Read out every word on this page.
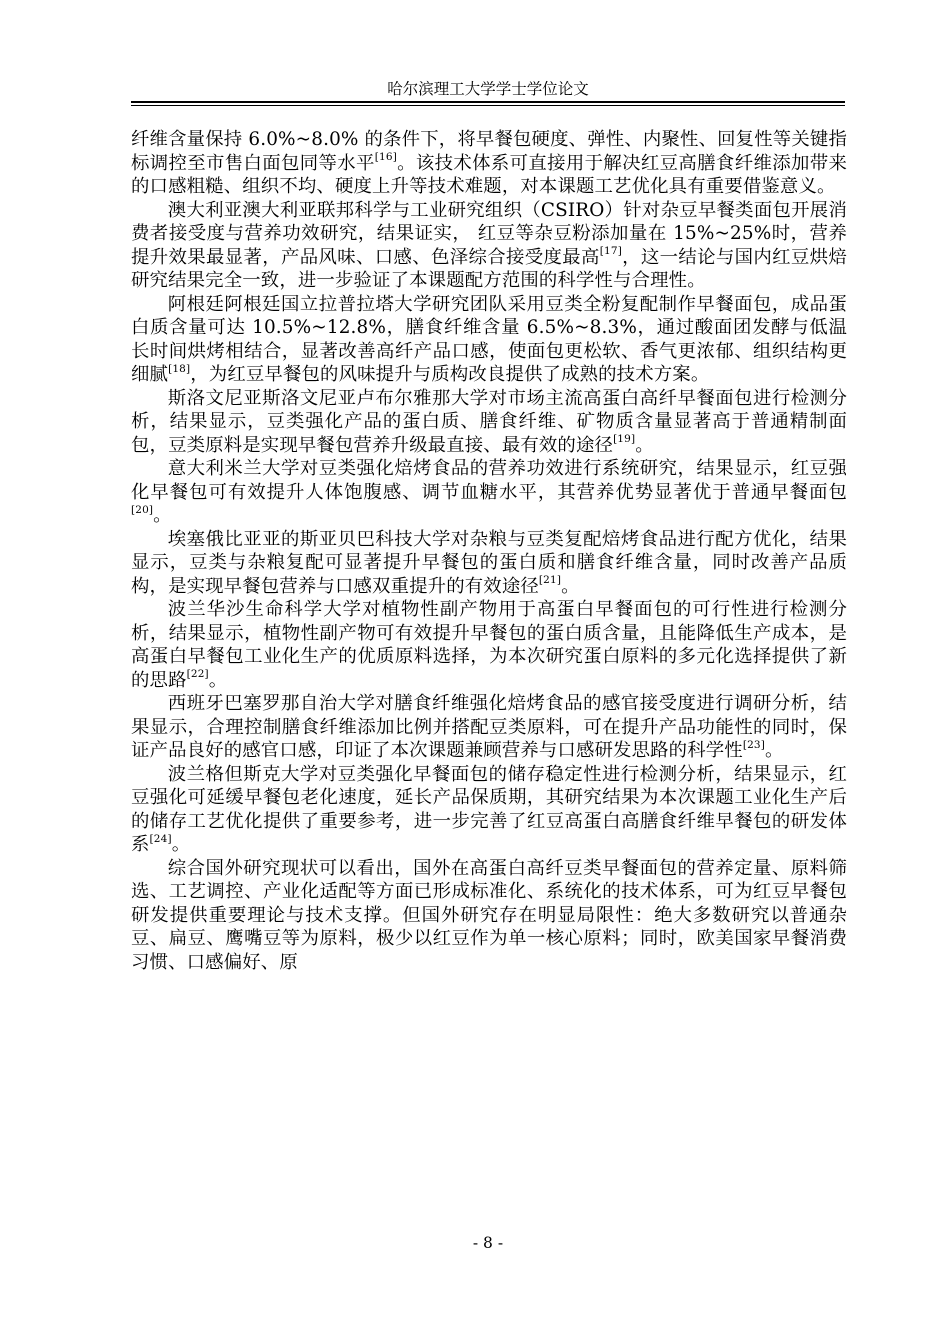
哈尔滨理工大学学士学位论文

纤维含量保持 6.0%~8.0% 的条件下，将早餐包硬度、弹性、内聚性、回复性等关键指标调控至市售白面包同等水平[16]。该技术体系可直接用于解决红豆高膳食纤维添加带来的口感粗糙、组织不均、硬度上升等技术难题，对本课题工艺优化具有重要借鉴意义。

澳大利亚澳大利亚联邦科学与工业研究组织（CSIRO）针对杂豆早餐类面包开展消费者接受度与营养功效研究，结果证实， 红豆等杂豆粉添加量在 15%~25%时，营养提升效果最显著，产品风味、口感、色泽综合接受度最高[17]，这一结论与国内红豆烘焙研究结果完全一致，进一步验证了本课题配方范围的科学性与合理性。

阿根廷阿根廷国立拉普拉塔大学研究团队采用豆类全粉复配制作早餐面包，成品蛋白质含量可达 10.5%~12.8%，膳食纤维含量 6.5%~8.3%，通过酸面团发酵与低温长时间烘烤相结合，显著改善高纤产品口感，使面包更松软、香气更浓郁、组织结构更细腻[18]，为红豆早餐包的风味提升与质构改良提供了成熟的技术方案。

斯洛文尼亚斯洛文尼亚卢布尔雅那大学对市场主流高蛋白高纤早餐面包进行检测分析，结果显示，豆类强化产品的蛋白质、膳食纤维、矿物质含量显著高于普通精制面包，豆类原料是实现早餐包营养升级最直接、最有效的途径[19]。

意大利米兰大学对豆类强化焙烤食品的营养功效进行系统研究，结果显示，红豆强化早餐包可有效提升人体饱腹感、调节血糖水平，其营养优势显著优于普通早餐面包[20]。

埃塞俄比亚亚的斯亚贝巴科技大学对杂粮与豆类复配焙烤食品进行配方优化，结果显示，豆类与杂粮复配可显著提升早餐包的蛋白质和膳食纤维含量，同时改善产品质构，是实现早餐包营养与口感双重提升的有效途径[21]。

波兰华沙生命科学大学对植物性副产物用于高蛋白早餐面包的可行性进行检测分析，结果显示，植物性副产物可有效提升早餐包的蛋白质含量，且能降低生产成本，是高蛋白早餐包工业化生产的优质原料选择，为本次研究蛋白原料的多元化选择提供了新的思路[22]。

西班牙巴塞罗那自治大学对膳食纤维强化焙烤食品的感官接受度进行调研分析，结果显示，合理控制膳食纤维添加比例并搭配豆类原料，可在提升产品功能性的同时，保证产品良好的感官口感，印证了本次课题兼顾营养与口感研发思路的科学性[23]。

波兰格但斯克大学对豆类强化早餐面包的储存稳定性进行检测分析，结果显示，红豆强化可延缓早餐包老化速度，延长产品保质期，其研究结果为本次课题工业化生产后的储存工艺优化提供了重要参考，进一步完善了红豆高蛋白高膳食纤维早餐包的研发体系[24]。

综合国外研究现状可以看出，国外在高蛋白高纤豆类早餐面包的营养定量、原料筛选、工艺调控、产业化适配等方面已形成标准化、系统化的技术体系，可为红豆早餐包研发提供重要理论与技术支撑。但国外研究存在明显局限性：绝大多数研究以普通杂豆、扁豆、鹰嘴豆等为原料，极少以红豆作为单一核心原料；同时，欧美国家早餐消费习惯、口感偏好、原

- 8 -
